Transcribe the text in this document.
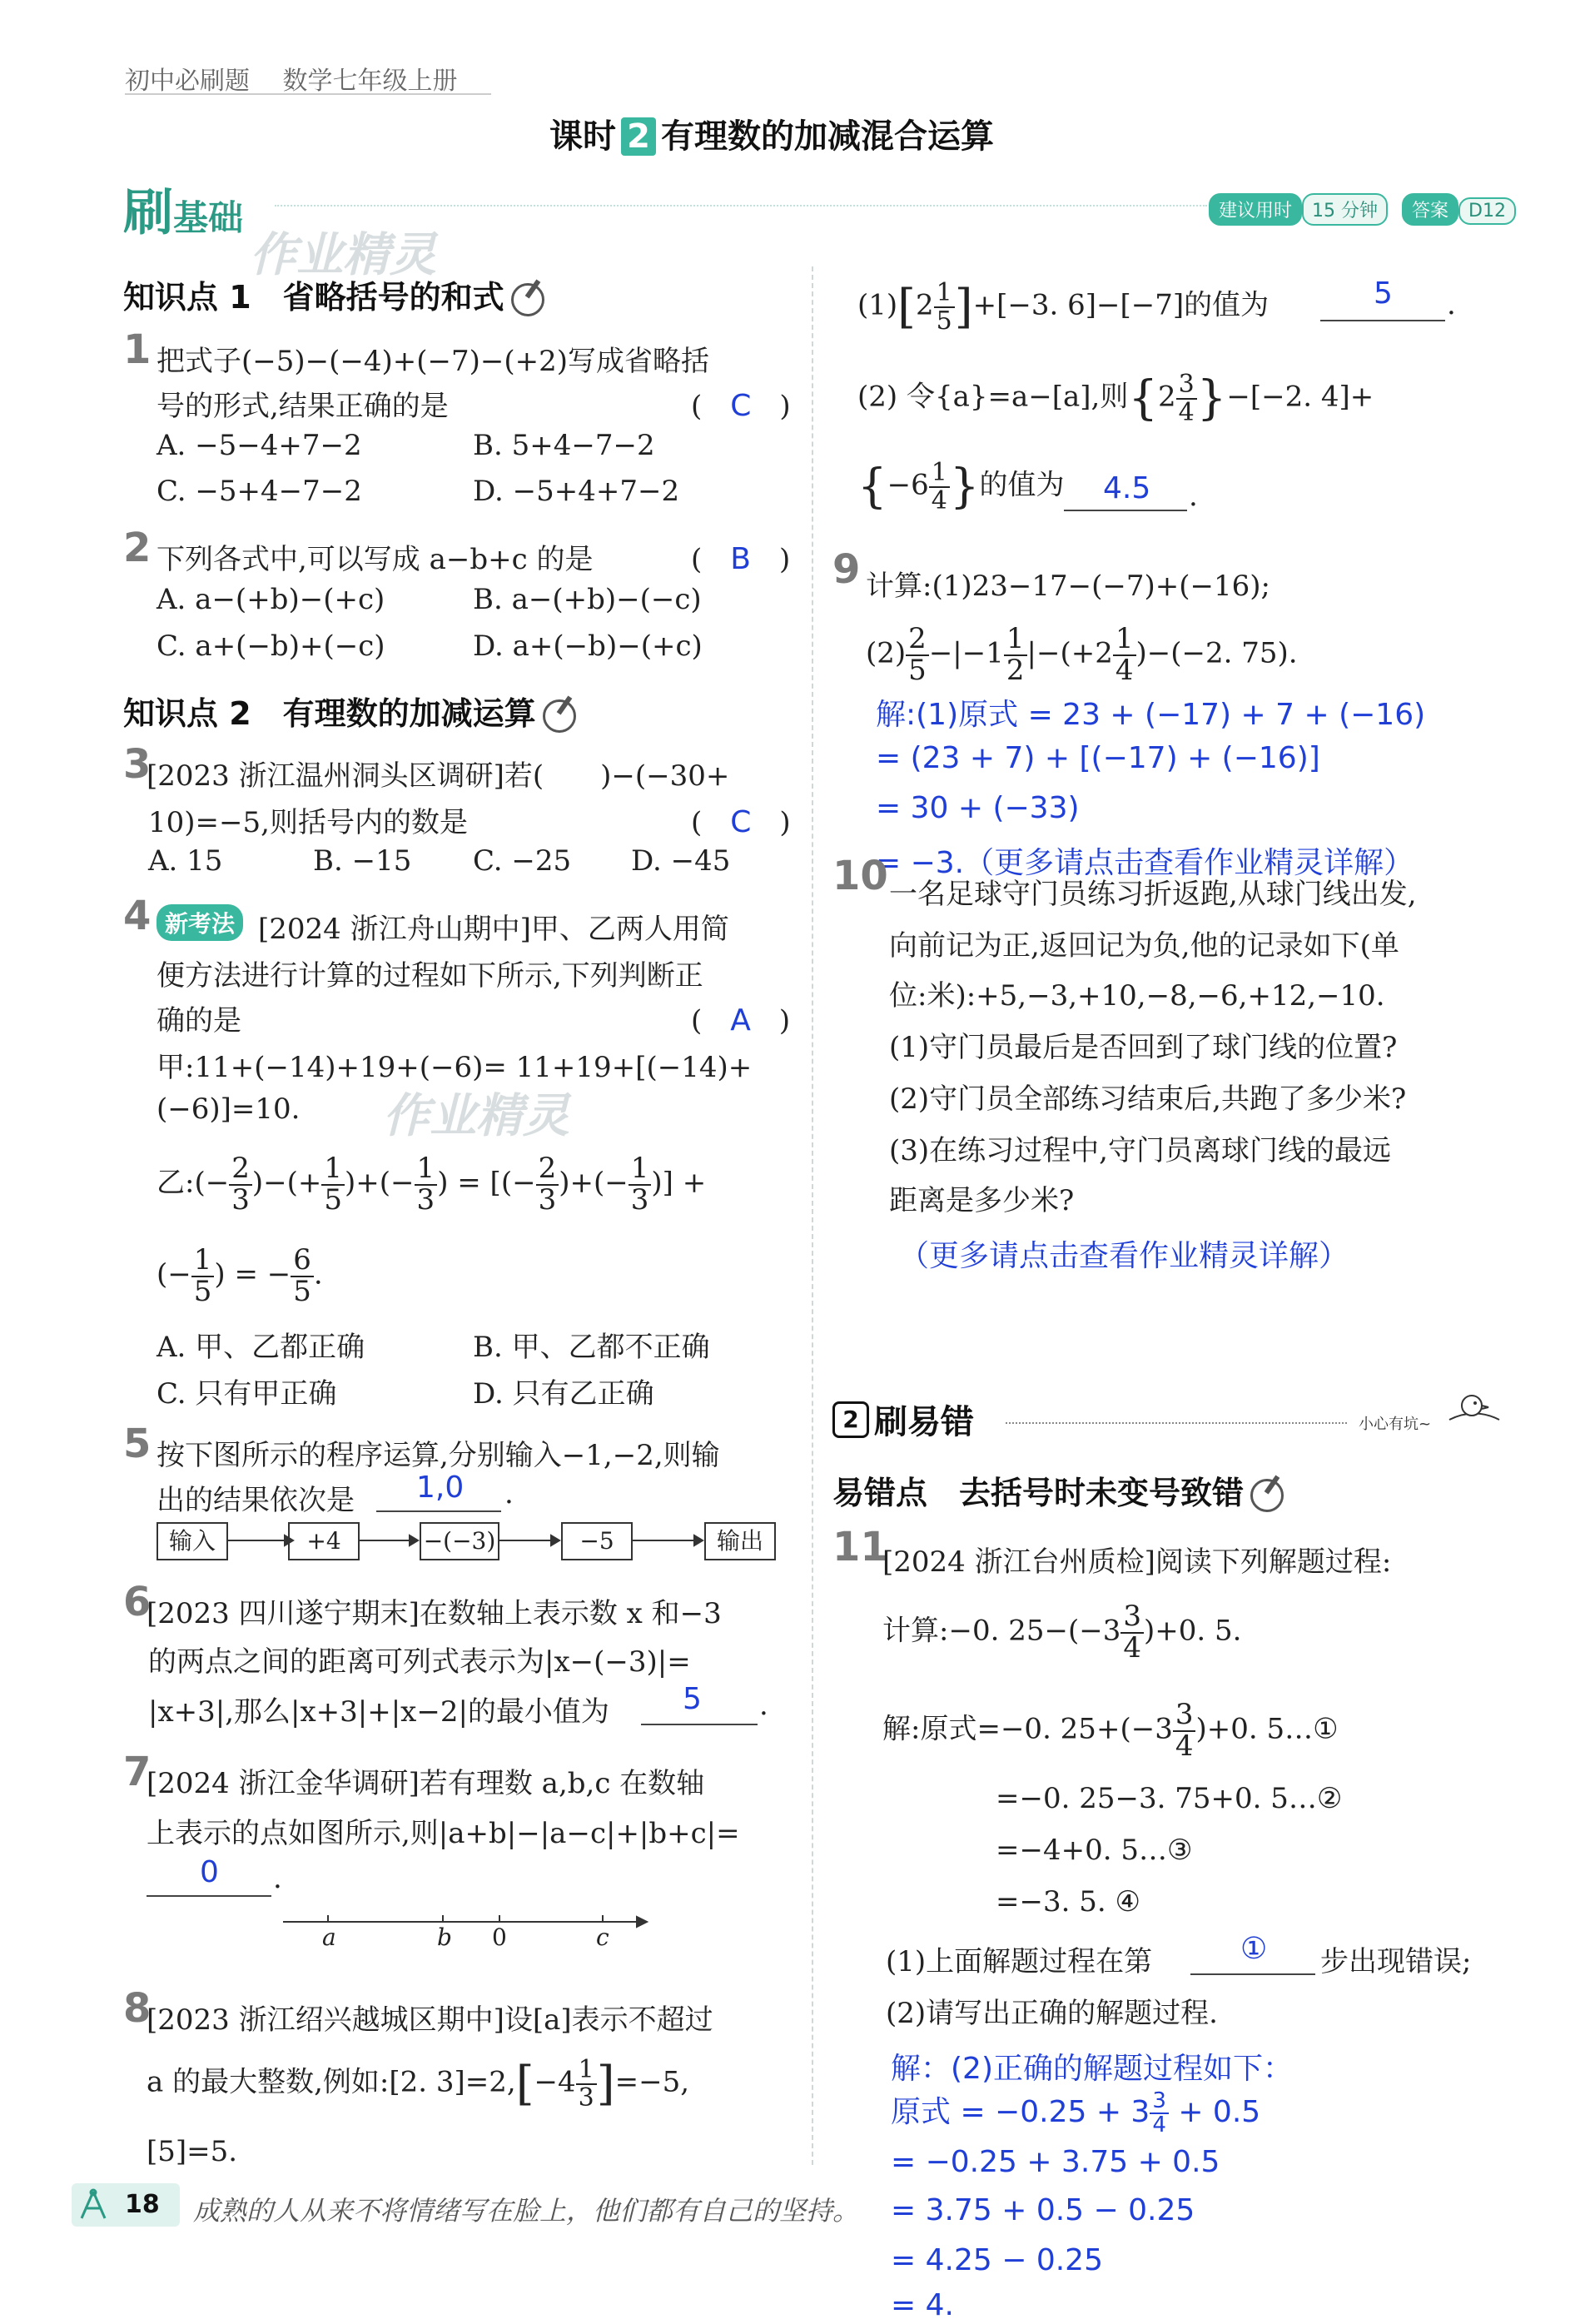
初中必刷题 数学七年级上册
课时 2 有理数的加减混合运算
刷基础	建议用时 15 分钟 答案 D12
作业精灵
知识点 1　省略括号的和式
1 把式子(−5)−(−4)+(−7)−(+2)写成省略括
号的形式,结果正确的是	(　C　)
A. −5−4+7−2	B. 5+4−7−2
C. −5+4−7−2	D. −5+4+7−2
2 下列各式中,可以写成 a−b+c 的是	(　B　)
A. a−(+b)−(+c)	B. a−(+b)−(−c)
C. a+(−b)+(−c)	D. a+(−b)−(+c)
知识点 2　有理数的加减运算
3
[2023 浙江温州洞头区调研]若(　　)−(−30+
10)=−5,则括号内的数是	(　C　)
A. 15	B. −15 C. −25 D. −45
4 新考法 [2024 浙江舟山期中]甲、乙两人用简
便方法进行计算的过程如下所示,下列判断正
确的是	(　A　)
甲:11+(−14)+19+(−6)= 11+19+[(−14)+
(−6)]=10. 作业精灵
乙:(− $\frac{2}{3}$ )−(+ $\frac{1}{5}$ )+(− $\frac{1}{3}$ ) = [(− $\frac{2}{3}$ )+(− $\frac{1}{3}$ )] +
(− $\frac{1}{5}$ ) = − $\frac{6}{5}$ .
A. 甲、乙都正确	B. 甲、乙都不正确
C. 只有甲正确	D. 只有乙正确
5 按下图所示的程序运算,分别输入−1,−2,则输
出的结果依次是 1,0 .
输入	+4	−(−3)	−5	输出
6
[2023 四川遂宁期末]在数轴上表示数 x 和−3
的两点之间的距离可列式表示为|x−(−3)|=
|x+3|,那么|x+3|+|x−2|的最小值为 5 .
7
[2024 浙江金华调研]若有理数 a,b,c 在数轴
上表示的点如图所示,则|a+b|−|a−c|+|b+c|=
0 .
a	b 0	c
8
[2023 浙江绍兴越城区期中]设[a]表示不超过
a 的最大整数,例如:[2. $3]=2,[-4 \frac{1}{3} ]=-5$,
[5]=5.
$(1)[2 \frac{1}{5} ]+[-3$. 6]−[−7]的值为	5 .
(2) 令{a}=a−[a],则$\{2 \frac{3}{4} \}-[-2$. 4]+
{$-6 \frac{1}{4}$ }的值为 4.5 .
9 计算:(1)23−17−(−7)+(−16);
$(2) \frac{2}{5} -|-1 \frac{1}{2} |-(+2 \frac{1}{4} )-(-2$. 75).
解:(1)原式 = 23 + (−17) + 7 + (−16)
= (23 + 7) + [(−17) + (−16)]
= 30 + (−33)
= −3.（更多请点击查看作业精灵详解）
10 一名足球守门员练习折返跑,从球门线出发,
向前记为正,返回记为负,他的记录如下(单
位:米):+5,−3,+10,−8,−6,+12,−10.
(1)守门员最后是否回到了球门线的位置?
(2)守门员全部练习结束后,共跑了多少米?
(3)在练习过程中,守门员离球门线的最远
距离是多少米?
（更多请点击查看作业精灵详解）
2 刷易错	小心有坑~
易错点　去括号时未变号致错
11
[2024 浙江台州质检]阅读下列解题过程:
计算:−0. $25-(-3 \frac{3}{4} )+0$. 5.
解:原式=−0. $25+(-3 \frac{3}{4} )+0$. 5…①
=−0. 25−3. 75+0. 5…②
=−4+0. 5…③
=−3. 5. ④
(1)上面解题过程在第	① 步出现错误;
(2)请写出正确的解题过程.
解：(2)正确的解题过程如下：
原式 = $-0.25 + 3 \frac{3}{4} + 0.5$
= −0.25 + 3.75 + 0.5
= 3.75 + 0.5 − 0.25
= 4.25 − 0.25
= 4.
18 成熟的人从来不将情绪写在脸上，他们都有自己的坚持。
